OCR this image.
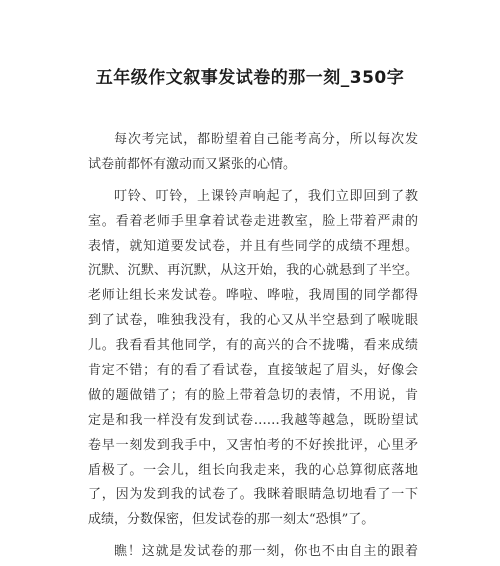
五年级作文叙事发试卷的那一刻_350字
每次考完试，都盼望着自己能考高分，所以每次发
试卷前都怀有激动而又紧张的心情。
叮铃、叮铃，上课铃声响起了，我们立即回到了教
室。看着老师手里拿着试卷走进教室，脸上带着严肃的
表情，就知道要发试卷，并且有些同学的成绩不理想。
沉默、沉默、再沉默，从这开始，我的心就悬到了半空。
老师让组长来发试卷。哗啦、哗啦，我周围的同学都得
到了试卷，唯独我没有，我的心又从半空悬到了喉咙眼
儿。我看看其他同学，有的高兴的合不拢嘴，看来成绩
肯定不错；有的看了看试卷，直接皱起了眉头，好像会
做的题做错了；有的脸上带着急切的表情，不用说，肯
定是和我一样没有发到试卷……我越等越急，既盼望试
卷早一刻发到我手中，又害怕考的不好挨批评，心里矛
盾极了。一会儿，组长向我走来，我的心总算彻底落地
了，因为发到我的试卷了。我眯着眼睛急切地看了一下
成绩，分数保密，但发试卷的那一刻太“恐惧”了。
瞧！这就是发试卷的那一刻，你也不由自主的跟着
